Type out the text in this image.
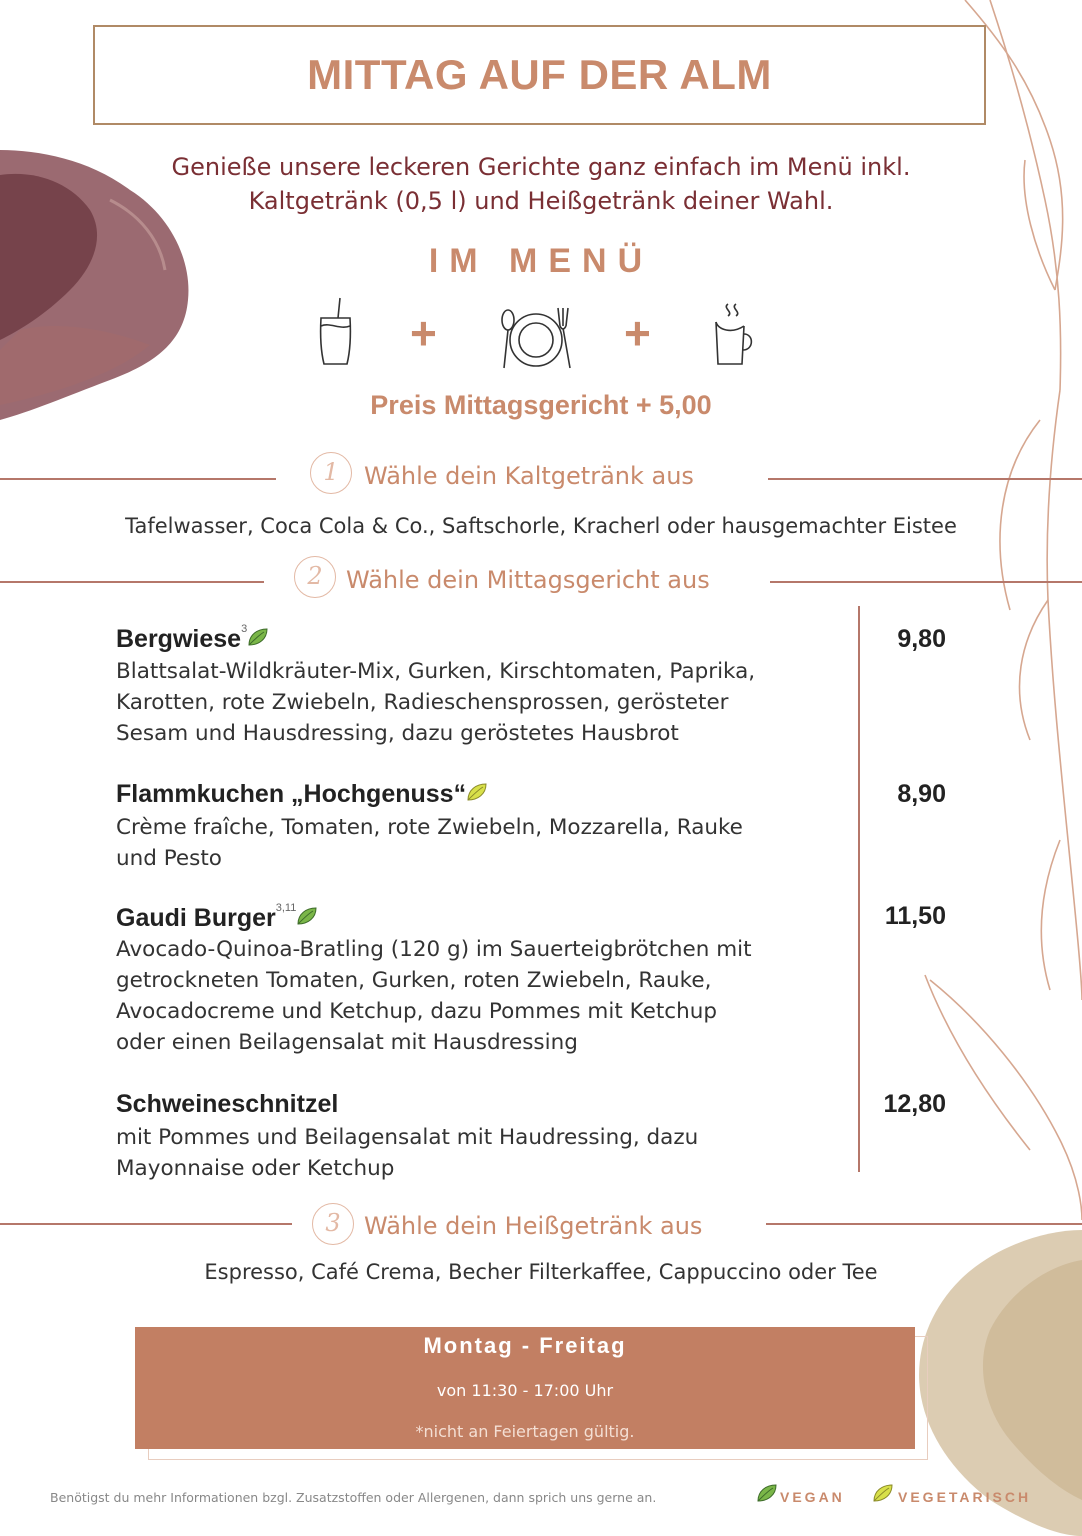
MITTAG AUF DER ALM
Genieße unsere leckeren Gerichte ganz einfach im Menü inkl.
Kaltgetränk (0,5 l) und Heißgetränk deiner Wahl.
IM MENÜ
+	+
Preis Mittagsgericht + 5,00
1	Wähle dein Kaltgetränk aus
Tafelwasser, Coca Cola & Co., Saftschorle, Kracherl oder hausgemachter Eistee
2 Wähle dein Mittagsgericht aus
Bergwiese$^3$
Blattsalat-Wildkräuter-Mix, Gurken, Kirschtomaten, Paprika,
Karotten, rote Zwiebeln, Radieschensprossen, gerösteter
Sesam und Hausdressing, dazu geröstetes Hausbrot
9,80
Flammkuchen „Hochgenuss“
Crème fraîche, Tomaten, rote Zwiebeln, Mozzarella, Rauke
und Pesto
8,90
Gaudi Burger$^{3,11}$
Avocado-Quinoa-Bratling (120 g) im Sauerteigbrötchen mit
getrockneten Tomaten, Gurken, roten Zwiebeln, Rauke,
Avocadocreme und Ketchup, dazu Pommes mit Ketchup
oder einen Beilagensalat mit Hausdressing
11,50
Schweineschnitzel
mit Pommes und Beilagensalat mit Haudressing, dazu
Mayonnaise oder Ketchup
12,80
3 Wähle dein Heißgetränk aus
Espresso, Café Crema, Becher Filterkaffee, Cappuccino oder Tee
Montag - Freitag
von 11:30 - 17:00 Uhr
*nicht an Feiertagen gültig.
Benötigst du mehr Informationen bzgl. Zusatzstoffen oder Allergenen, dann sprich uns gerne an.	VEGAN	VEGETARISCH
